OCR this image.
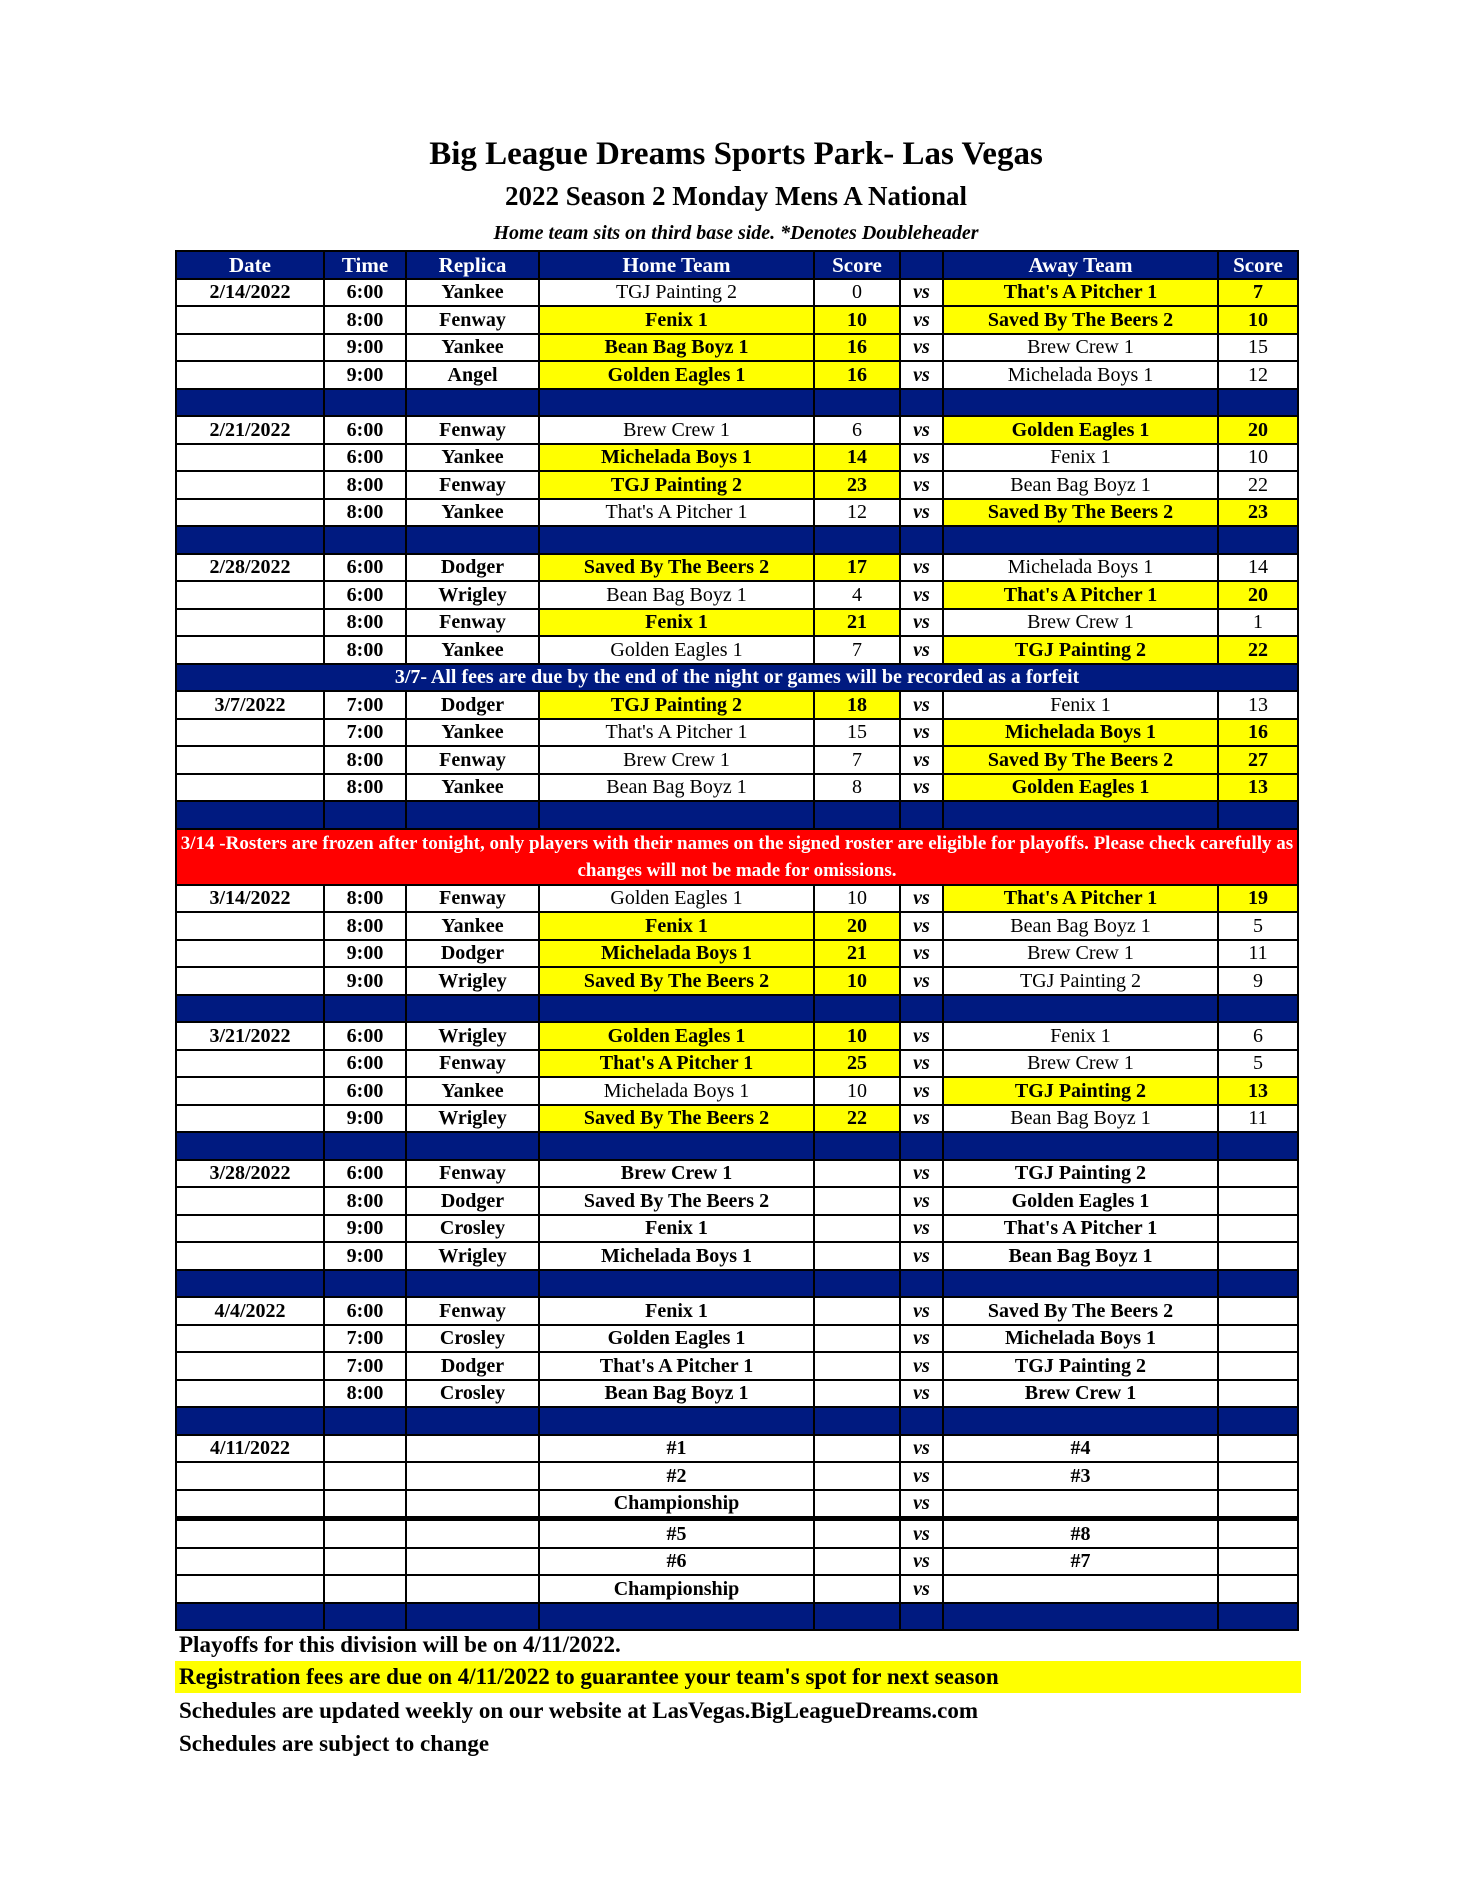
Big League Dreams Sports Park- Las Vegas
2022 Season 2 Monday Mens A National
Home team sits on third base side. *Denotes Doubleheader
Date	Time	Replica	Home Team	Score		Away Team	Score
2/14/2022	6:00	Yankee	TGJ Painting 2	0	vs	That's A Pitcher 1	7
	8:00	Fenway	Fenix 1	10	vs	Saved By The Beers 2	10
	9:00	Yankee	Bean Bag Boyz 1	16	vs	Brew Crew 1	15
	9:00	Angel	Golden Eagles 1	16	vs	Michelada Boys 1	12

2/21/2022	6:00	Fenway	Brew Crew 1	6	vs	Golden Eagles 1	20
	6:00	Yankee	Michelada Boys 1	14	vs	Fenix 1	10
	8:00	Fenway	TGJ Painting 2	23	vs	Bean Bag Boyz 1	22
	8:00	Yankee	That's A Pitcher 1	12	vs	Saved By The Beers 2	23

2/28/2022	6:00	Dodger	Saved By The Beers 2	17	vs	Michelada Boys 1	14
	6:00	Wrigley	Bean Bag Boyz 1	4	vs	That's A Pitcher 1	20
	8:00	Fenway	Fenix 1	21	vs	Brew Crew 1	1
	8:00	Yankee	Golden Eagles 1	7	vs	TGJ Painting 2	22
3/7- All fees are due by the end of the night or games will be recorded as a forfeit							
3/7/2022	7:00	Dodger	TGJ Painting 2	18	vs	Fenix 1	13
	7:00	Yankee	That's A Pitcher 1	15	vs	Michelada Boys 1	16
	8:00	Fenway	Brew Crew 1	7	vs	Saved By The Beers 2	27
	8:00	Yankee	Bean Bag Boyz 1	8	vs	Golden Eagles 1	13

3/14 -Rosters are frozen after tonight, only players with their names on the signed roster are eligible for playoffs. Please check carefully as changes will not be made for omissions.							
3/14/2022	8:00	Fenway	Golden Eagles 1	10	vs	That's A Pitcher 1	19
	8:00	Yankee	Fenix 1	20	vs	Bean Bag Boyz 1	5
	9:00	Dodger	Michelada Boys 1	21	vs	Brew Crew 1	11
	9:00	Wrigley	Saved By The Beers 2	10	vs	TGJ Painting 2	9

3/21/2022	6:00	Wrigley	Golden Eagles 1	10	vs	Fenix 1	6
	6:00	Fenway	That's A Pitcher 1	25	vs	Brew Crew 1	5
	6:00	Yankee	Michelada Boys 1	10	vs	TGJ Painting 2	13
	9:00	Wrigley	Saved By The Beers 2	22	vs	Bean Bag Boyz 1	11

3/28/2022	6:00	Fenway	Brew Crew 1		vs	TGJ Painting 2	
	8:00	Dodger	Saved By The Beers 2		vs	Golden Eagles 1	
	9:00	Crosley	Fenix 1		vs	That's A Pitcher 1	
	9:00	Wrigley	Michelada Boys 1		vs	Bean Bag Boyz 1	

4/4/2022	6:00	Fenway	Fenix 1		vs	Saved By The Beers 2	
	7:00	Crosley	Golden Eagles 1		vs	Michelada Boys 1	
	7:00	Dodger	That's A Pitcher 1		vs	TGJ Painting 2	
	8:00	Crosley	Bean Bag Boyz 1		vs	Brew Crew 1	

4/11/2022			#1		vs	#4	
			#2		vs	#3	
			Championship		vs		
			#5		vs	#8	
			#6		vs	#7	
			Championship		vs		

Playoffs for this division will be on 4/11/2022.
Registration fees are due on 4/11/2022 to guarantee your team's spot for next season
Schedules are updated weekly on our website at LasVegas.BigLeagueDreams.com
Schedules are subject to change
